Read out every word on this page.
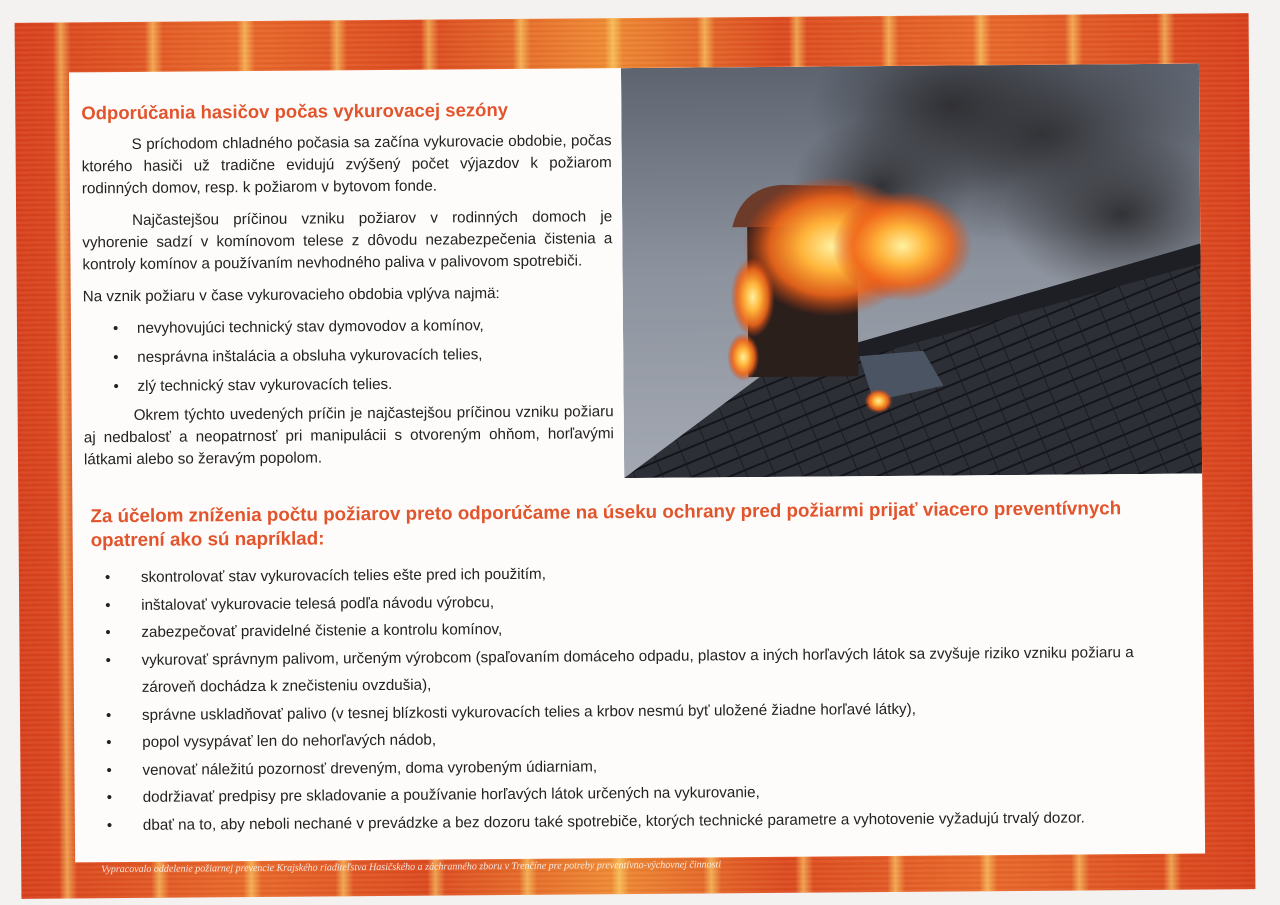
Odporúčania hasičov počas vykurovacej sezóny

S príchodom chladného počasia sa začína vykurovacie obdobie, počas ktorého hasiči už tradične evidujú zvýšený počet výjazdov k požiarom rodinných domov, resp. k požiarom v bytovom fonde.

Najčastejšou príčinou vzniku požiarov v rodinných domoch je vyhorenie sadzí v komínovom telese z dôvodu nezabezpečenia čistenia a kontroly komínov a používaním nevhodného paliva v palivovom spotrebiči.

Na vznik požiaru v čase vykurovacieho obdobia vplýva najmä:

• nevyhovujúci technický stav dymovodov a komínov,
• nesprávna inštalácia a obsluha vykurovacích telies,
• zlý technický stav vykurovacích telies.

Okrem týchto uvedených príčin je najčastejšou príčinou vzniku požiaru aj nedbalosť a neopatrnosť pri manipulácii s otvoreným ohňom, horľavými látkami alebo so žeravým popolom.

Za účelom zníženia počtu požiarov preto odporúčame na úseku ochrany pred požiarmi prijať viacero preventívnych opatrení ako sú napríklad:
• skontrolovať stav vykurovacích telies ešte pred ich použitím,
• inštalovať vykurovacie telesá podľa návodu výrobcu,
• zabezpečovať pravidelné čistenie a kontrolu komínov,
• vykurovať správnym palivom, určeným výrobcom (spaľovaním domáceho odpadu, plastov a iných horľavých látok sa zvyšuje riziko vzniku požiaru a zároveň dochádza k znečisteniu ovzdušia),
• správne uskladňovať palivo (v tesnej blízkosti vykurovacích telies a krbov nesmú byť uložené žiadne horľavé látky),
• popol vysypávať len do nehorľavých nádob,
• venovať náležitú pozornosť dreveným, doma vyrobeným údiarniam,
• dodržiavať predpisy pre skladovanie a používanie horľavých látok určených na vykurovanie,
• dbať na to, aby neboli nechané v prevádzke a bez dozoru také spotrebiče, ktorých technické parametre a vyhotovenie vyžadujú trvalý dozor.
Vypracovalo oddelenie požiarnej prevencie Krajského riaditeľstva Hasičského a záchranného zboru v Trenčíne pre potreby preventívno-výchovnej činnosti
